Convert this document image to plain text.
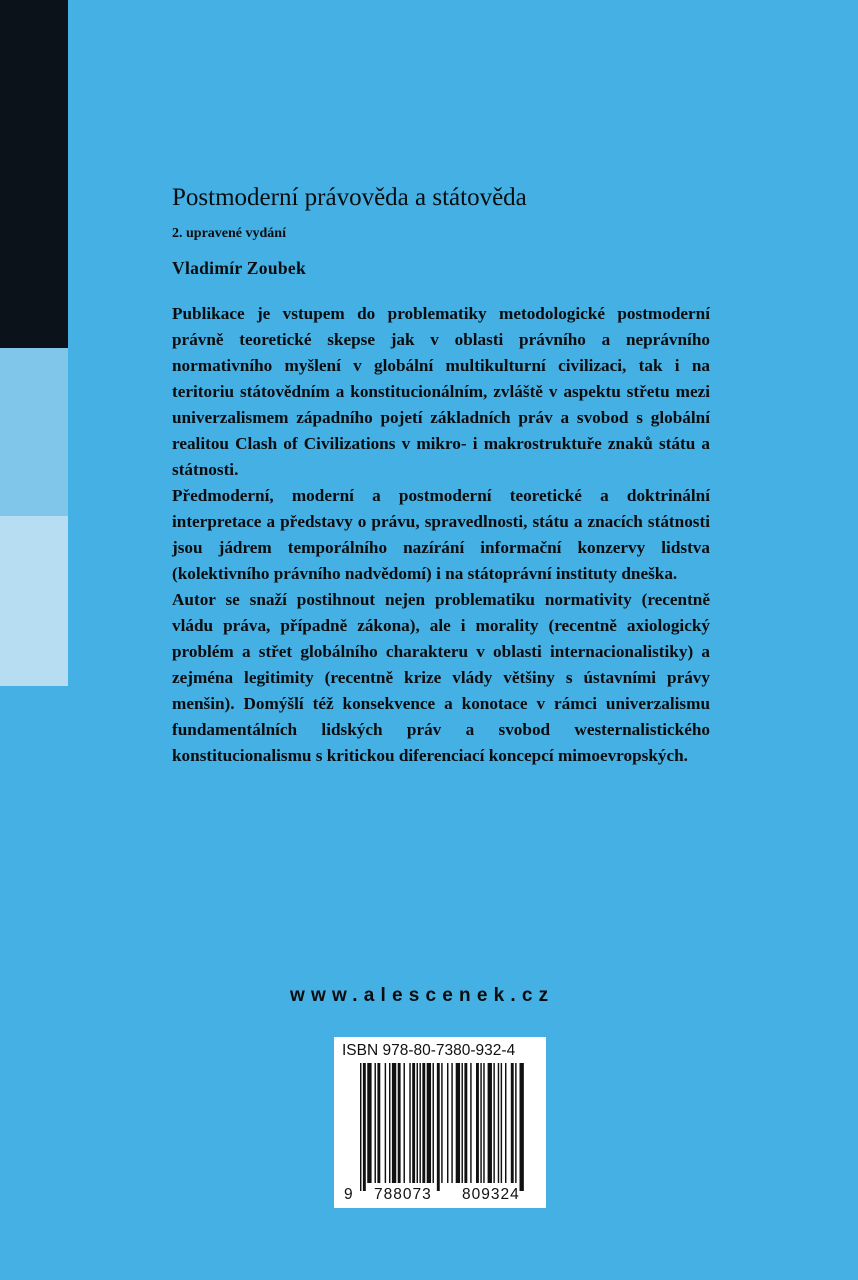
Postmoderní právověda a státověda
2. upravené vydání
Vladimír Zoubek

Publikace je vstupem do problematiky metodologické postmoderní právně teoretické skepse jak v oblasti právního a neprávního normativního myšlení v globální multikulturní civilizaci, tak i na teritoriu státovědním a konstitucionálním, zvláště v aspektu střetu mezi univerzalismem západního pojetí základních práv a svobod s globální realitou Clash of Civilizations v mikro- i makrostruktuře znaků státu a státnosti.

Předmoderní, moderní a postmoderní teoretické a doktrinální interpretace a představy o právu, spravedlnosti, státu a znacích státnosti jsou jádrem temporálního nazírání informační konzervy lidstva (kolektivního právního nadvědomí) i na státoprávní instituty dneška.

Autor se snaží postihnout nejen problematiku normativity (recentně vládu práva, případně zákona), ale i morality (recentně axiologický problém a střet globálního charakteru v oblasti internacionalistiky) a zejména legitimity (recentně krize vlády většiny s ústavními právy menšin). Domýšlí též konsekvence a konotace v rámci univerzalismu fundamentálních lidských práv a svobod westernalistického konstitucionalismu s kritickou diferenciací koncepcí mimoevropských.

www.alescenek.cz
ISBN 978-80-7380-932-4
9 788073 809324
